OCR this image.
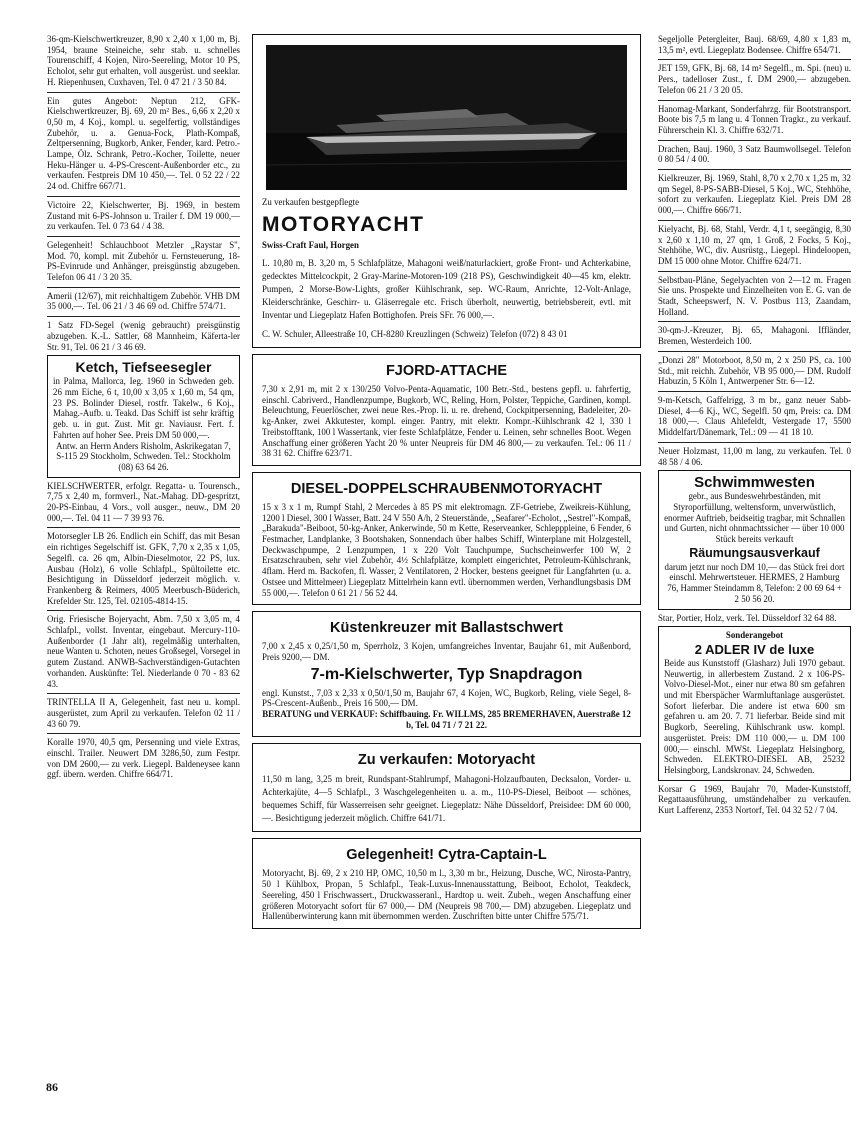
36-qm-Kielschwertkreuzer, 8,90 x 2,40 x 1,00 m, Bj. 1954, braune Steineiche, sehr stab. u. schnelles Tourenschiff, 4 Kojen, Niro-Seereling, Motor 10 PS, Echolot, sehr gut erhalten, voll ausgerüst. und seeklar. H. Riepenhusen, Cuxhaven, Tel. 0 47 21 / 3 50 84.

Ein gutes Angebot: Neptun 212, GFK-Kielschwertkreuzer, Bj. 69, 20 m² Bes., 6,66 x 2,20 x 0,50 m, 4 Koj., kompl. u. segelfertig, vollständiges Zubehör, u. a. Genua-Fock, Plath-Kompaß, Zeltpersenning, Bugkorb, Anker, Fender, kard. Petro.-Lampe, Ölz. Schrank, Petro.-Kocher, Toilette, neuer Heku-Hänger u. 4-PS-Crescent-Außenborder etc., zu verkaufen. Festpreis DM 10 450,—. Tel. 0 52 22 / 22 24 od. Chiffre 667/71.

Victoire 22, Kielschwerter, Bj. 1969, in bestem Zustand mit 6-PS-Johnson u. Trailer f. DM 19 000,— zu verkaufen. Tel. 0 73 64 / 4 38.

Gelegenheit! Schlauchboot Metzler „Raystar S", Mod. 70, kompl. mit Zubehör u. Fernsteuerung, 18-PS-Evinrude und Anhänger, preisgünstig abzugeben. Telefon 06 41 / 3 20 35.

Amerii (12/67), mit reichhaltigem Zubehör. VHB DM 35 000,—. Tel. 06 21 / 3 46 69 od. Chiffre 574/71.

1 Satz FD-Segel (wenig gebraucht) preisgünstig abzugeben. K.-L. Sattler, 68 Mannheim, Käferta-ler Str. 91, Tel. 06 21 / 3 46 69.

Ketch, Tiefseesegler
in Palma, Mallorca, Ieg. 1960 in Schweden geb. 26 mm Eiche, 6 t, 10,00 x 3,05 x 1,60 m, 54 qm, 23 PS. Bolinder Diesel, rostfr. Takelw., 6 Koj., Mahag.-Aufb. u. Teakd. Das Schiff ist sehr kräftig geb. u. in gut. Zust. Mit gr. Naviausr. Fert. f. Fahrten auf hoher See. Preis DM 50 000,—.
Antw. an Herrn Anders Risholm, Askrikegatan 7, S-115 29 Stockholm, Schweden. Tel.: Stockholm (08) 63 64 26.

KIELSCHWERTER, erfolgr. Regatta- u. Tourensch., 7,75 x 2,40 m, formverl., Nat.-Mahag. DD-gespritzt, 20-PS-Einbau, 4 Vors., voll ausger., neuw., DM 20 000,—. Tel. 04 11 — 7 39 93 76.

Motorsegler LB 26. Endlich ein Schiff, das mit Besan ein richtiges Segelschiff ist. GFK, 7,70 x 2,35 x 1,05, Segelfl. ca. 26 qm, Albin-Dieselmotor, 22 PS, lux. Ausbau (Holz), 6 volle Schlafpl., Spültoilette etc. Besichtigung in Düsseldorf jederzeit möglich. v. Frankenberg & Reimers, 4005 Meerbusch-Büderich, Krefelder Str. 125, Tel. 02105-4814-15.

Orig. Friesische Bojeryacht, Abm. 7,50 x 3,05 m, 4 Schlafpl., vollst. Inventar, eingebaut. Mercury-110-Außenborder (1 Jahr alt), regelmäßig unterhalten, neue Wanten u. Schoten, neues Großsegel, Vorsegel in gutem Zustand. ANWB-Sachverständigen-Gutachten vorhanden. Auskünfte: Tel. Niederlande 0 70 - 83 62 43.

TRINTELLA II A, Gelegenheit, fast neu u. kompl. ausgerüstet, zum April zu verkaufen. Telefon 02 11 / 43 60 79.

Koralle 1970, 40,5 qm, Persenning und viele Extras, einschl. Trailer. Neuwert DM 3286,50, zum Festpr. von DM 2600,— zu verk. Liegepl. Baldeneysee kann ggf. übern. werden. Chiffre 664/71.

Zu verkaufen bestgepflegte
MOTORYACHT
Swiss-Craft Faul, Horgen
L. 10,80 m, B. 3,20 m, 5 Schlafplätze, Mahagoni weiß/naturlackiert, große Front- und Achterkabine, gedecktes Mittelcockpit, 2 Gray-Marine-Motoren-109 (218 PS), Geschwindigkeit 40—45 km, elektr. Pumpen, 2 Morse-Bow-Lights, großer Kühlschrank, sep. WC-Raum, Anrichte, 12-Volt-Anlage, Kleiderschränke, Geschirr- u. Gläserregale etc. Frisch überholt, neuwertig, betriebsbereit, evtl. mit Inventar und Liegeplatz Hafen Bottighofen. Preis SFr. 76 000,—.
C. W. Schuler, Alleestraße 10, CH-8280 Kreuzlingen (Schweiz) Telefon (072) 8 43 01
FJORD-ATTACHE
7,30 x 2,91 m, mit 2 x 130/250 Volvo-Penta-Aquamatic, 100 Betr.-Std., bestens gepfl. u. fahrfertig, einschl. Cabriverd., Handlenzpumpe, Bugkorb, WC, Reling, Horn, Polster, Teppiche, Gardinen, kompl. Beleuchtung, Feuerlöscher, zwei neue Res.-Prop. li. u. re. drehend, Cockpitpersenning, Badeleiter, 20-kg-Anker, zwei Akkutester, kompl. einger. Pantry, mit elektr. Kompr.-Kühlschrank 42 l, 330 l Treibstofftank, 100 l Wassertank, vier feste Schlafplätze, Fender u. Leinen, sehr schnelles Boot. Wegen Anschaffung einer größeren Yacht 20 % unter Neupreis für DM 46 800,— zu verkaufen. Tel.: 06 11 / 38 31 62. Chiffre 623/71.
DIESEL-DOPPELSCHRAUBENMOTORYACHT
15 x 3 x 1 m, Rumpf Stahl, 2 Mercedes à 85 PS mit elektromagn. ZF-Getriebe, Zweikreis-Kühlung, 1200 l Diesel, 300 l Wasser, Batt. 24 V 550 A/h, 2 Steuerstände, „Seafarer"-Echolot, „Sestrel"-Kompaß, „Barakuda"-Beiboot, 50-kg-Anker, Ankerwinde, 50 m Kette, Reserveanker, Schlepppleine, 6 Fender, 6 Festmacher, Landplanke, 3 Bootshaken, Sonnendach über halbes Schiff, Winterplane mit Holzgestell, Deckwaschpumpe, 2 Lenzpumpen, 1 x 220 Volt Tauchpumpe, Suchscheinwerfer 100 W, 2 Ersatzschrauben, sehr viel Zubehör, 4½ Schlafplätze, komplett eingerichtet, Petroleum-Kühlschrank, 4flam. Herd m. Backofen, fl. Wasser, 2 Ventilatoren, 2 Hocker, bestens geeignet für Langfahrten (u. a. Ostsee und Mittelmeer) Liegeplatz Mittelrhein kann evtl. übernommen werden, Verhandlungsbasis DM 55 000,—. Telefon 0 61 21 / 56 52 44.
Küstenkreuzer mit Ballastschwert
7,00 x 2,45 x 0,25/1,50 m, Sperrholz, 3 Kojen, umfangreiches Inventar, Baujahr 61, mit Außenbord, Preis 9200,— DM.
7-m-Kielschwerter, Typ Snapdragon
engl. Kunstst., 7,03 x 2,33 x 0,50/1,50 m, Baujahr 67, 4 Kojen, WC, Bugkorb, Reling, viele Segel, 8-PS-Crescent-Außenb., Preis 16 500,— DM.
BERATUNG und VERKAUF: Schiffbauing. Fr. WILLMS, 285 BREMERHAVEN, Auerstraße 12 b, Tel. 04 71 / 7 21 22.
Zu verkaufen: Motoryacht
11,50 m lang, 3,25 m breit, Rundspant-Stahlrumpf, Mahagoni-Holzaufbauten, Decksalon, Vorder- u. Achterkajüte, 4—5 Schlafpl., 3 Waschgelegenheiten u. a. m., 110-PS-Diesel, Beiboot — schönes, bequemes Schiff, für Wasserreisen sehr geeignet. Liegeplatz: Nähe Düsseldorf, Preisidee: DM 60 000,—. Besichtigung jederzeit möglich. Chiffre 641/71.
Gelegenheit! Cytra-Captain-L
Motoryacht, Bj. 69, 2 x 210 HP, OMC, 10,50 m l., 3,30 m br., Heizung, Dusche, WC, Nirosta-Pantry, 50 l Kühlbox, Propan, 5 Schlafpl., Teak-Luxus-Innenausstattung, Beiboot, Echolot, Teakdeck, Seereling, 450 l Frischwassert., Druckwasseranl., Hardtop u. weit. Zubeh., wegen Anschaffung einer größeren Motoryacht sofort für 67 000,— DM (Neupreis 98 700,— DM) abzugeben. Liegeplatz und Hallenüberwinterung kann mit übernommen werden. Zuschriften bitte unter Chiffre 575/71.

Segeljolle Petergleiter, Bauj. 68/69, 4,80 x 1,83 m, 13,5 m², evtl. Liegeplatz Bodensee. Chiffre 654/71.

JET 159, GFK, Bj. 68, 14 m² Segelfl., m. Spi. (neu) u. Pers., tadelloser Zust., f. DM 2900,— abzugeben. Telefon 06 21 / 3 20 05.

Hanomag-Markant, Sonderfahrzg. für Bootstransport. Boote bis 7,5 m lang u. 4 Tonnen Tragkr., zu verkauf. Führerschein Kl. 3. Chiffre 632/71.

Drachen, Bauj. 1960, 3 Satz Baumwollsegel. Telefon 0 80 54 / 4 00.

Kielkreuzer, Bj. 1969, Stahl, 8,70 x 2,70 x 1,25 m, 32 qm Segel, 8-PS-SABB-Diesel, 5 Koj., WC, Stehhöhe, sofort zu verkaufen. Liegeplatz Kiel. Preis DM 28 000,—. Chiffre 666/71.

Kielyacht, Bj. 68, Stahl, Verdr. 4,1 t, seegängig, 8,30 x 2,60 x 1,10 m, 27 qm, 1 Groß, 2 Focks, 5 Koj., Stehhöhe, WC, div. Ausrüstg., Liegepl. Hindeloopen, DM 15 000 ohne Motor. Chiffre 624/71.

Selbstbau-Pläne, Segelyachten von 2—12 m. Fragen Sie uns. Prospekte und Einzelheiten von E. G. van de Stadt, Scheepswerf, N. V. Postbus 113, Zaandam, Holland.

30-qm-J.-Kreuzer, Bj. 65, Mahagoni. Iffländer, Bremen, Westerdeich 100.

„Donzi 28" Motorboot, 8,50 m, 2 x 250 PS, ca. 100 Std., mit reichh. Zubehör, VB 95 000,— DM. Rudolf Habuzin, 5 Köln 1, Antwerpener Str. 6—12.

9-m-Ketsch, Gaffelrigg, 3 m br., ganz neuer Sabb-Diesel, 4—6 Kj., WC, Segelfl. 50 qm, Preis: ca. DM 18 000,—. Claus Ahlefeldt, Vestergade 17, 5500 Middelfart/Dänemark, Tel.: 09 — 41 18 10.

Neuer Holzmast, 11,00 m lang, zu verkaufen. Tel. 0 48 58 / 4 06.

Schwimmwesten
gebr., aus Bundeswehrbeständen, mit Styroporfüllung, weltensform, unverwüstlich, enormer Auftrieb, beidseitig tragbar, mit Schnallen und Gurten, nicht ohnmachtssicher — über 10 000 Stück bereits verkauft
Räumungsausverkauf
darum jetzt nur noch DM 10,— das Stück frei dort einschl. Mehrwertsteuer. HERMES, 2 Hamburg 76, Hammer Steindamm 8, Telefon: 2 00 69 64 + 2 50 56 20.

Star, Portier, Holz, verk. Tel. Düsseldorf 32 64 88.

Sonderangebot
2 ADLER IV de luxe
Beide aus Kunststoff (Glasharz) Juli 1970 gebaut. Neuwertig, in allerbestem Zustand. 2 x 106-PS-Volvo-Diesel-Mot., einer nur etwa 80 sm gefahren und mit Eberspächer Warmluftanlage ausgerüstet. Sofort lieferbar. Die andere ist etwa 600 sm gefahren u. am 20. 7. 71 lieferbar. Beide sind mit Bugkorb, Seereling, Kühlschrank usw. kompl. ausgerüstet. Preis: DM 110 000,— u. DM 100 000,— einschl. MWSt. Liegeplatz Helsingborg, Schweden. ELEKTRO-DIESEL AB, 25232 Helsingborg, Landskronav. 24, Schweden.

Korsar G 1969, Baujahr 70, Mader-Kunststoff, Regattaausführung, umständehalber zu verkaufen. Kurt Lafferenz, 2353 Nortorf, Tel. 04 32 52 / 7 04.

86
